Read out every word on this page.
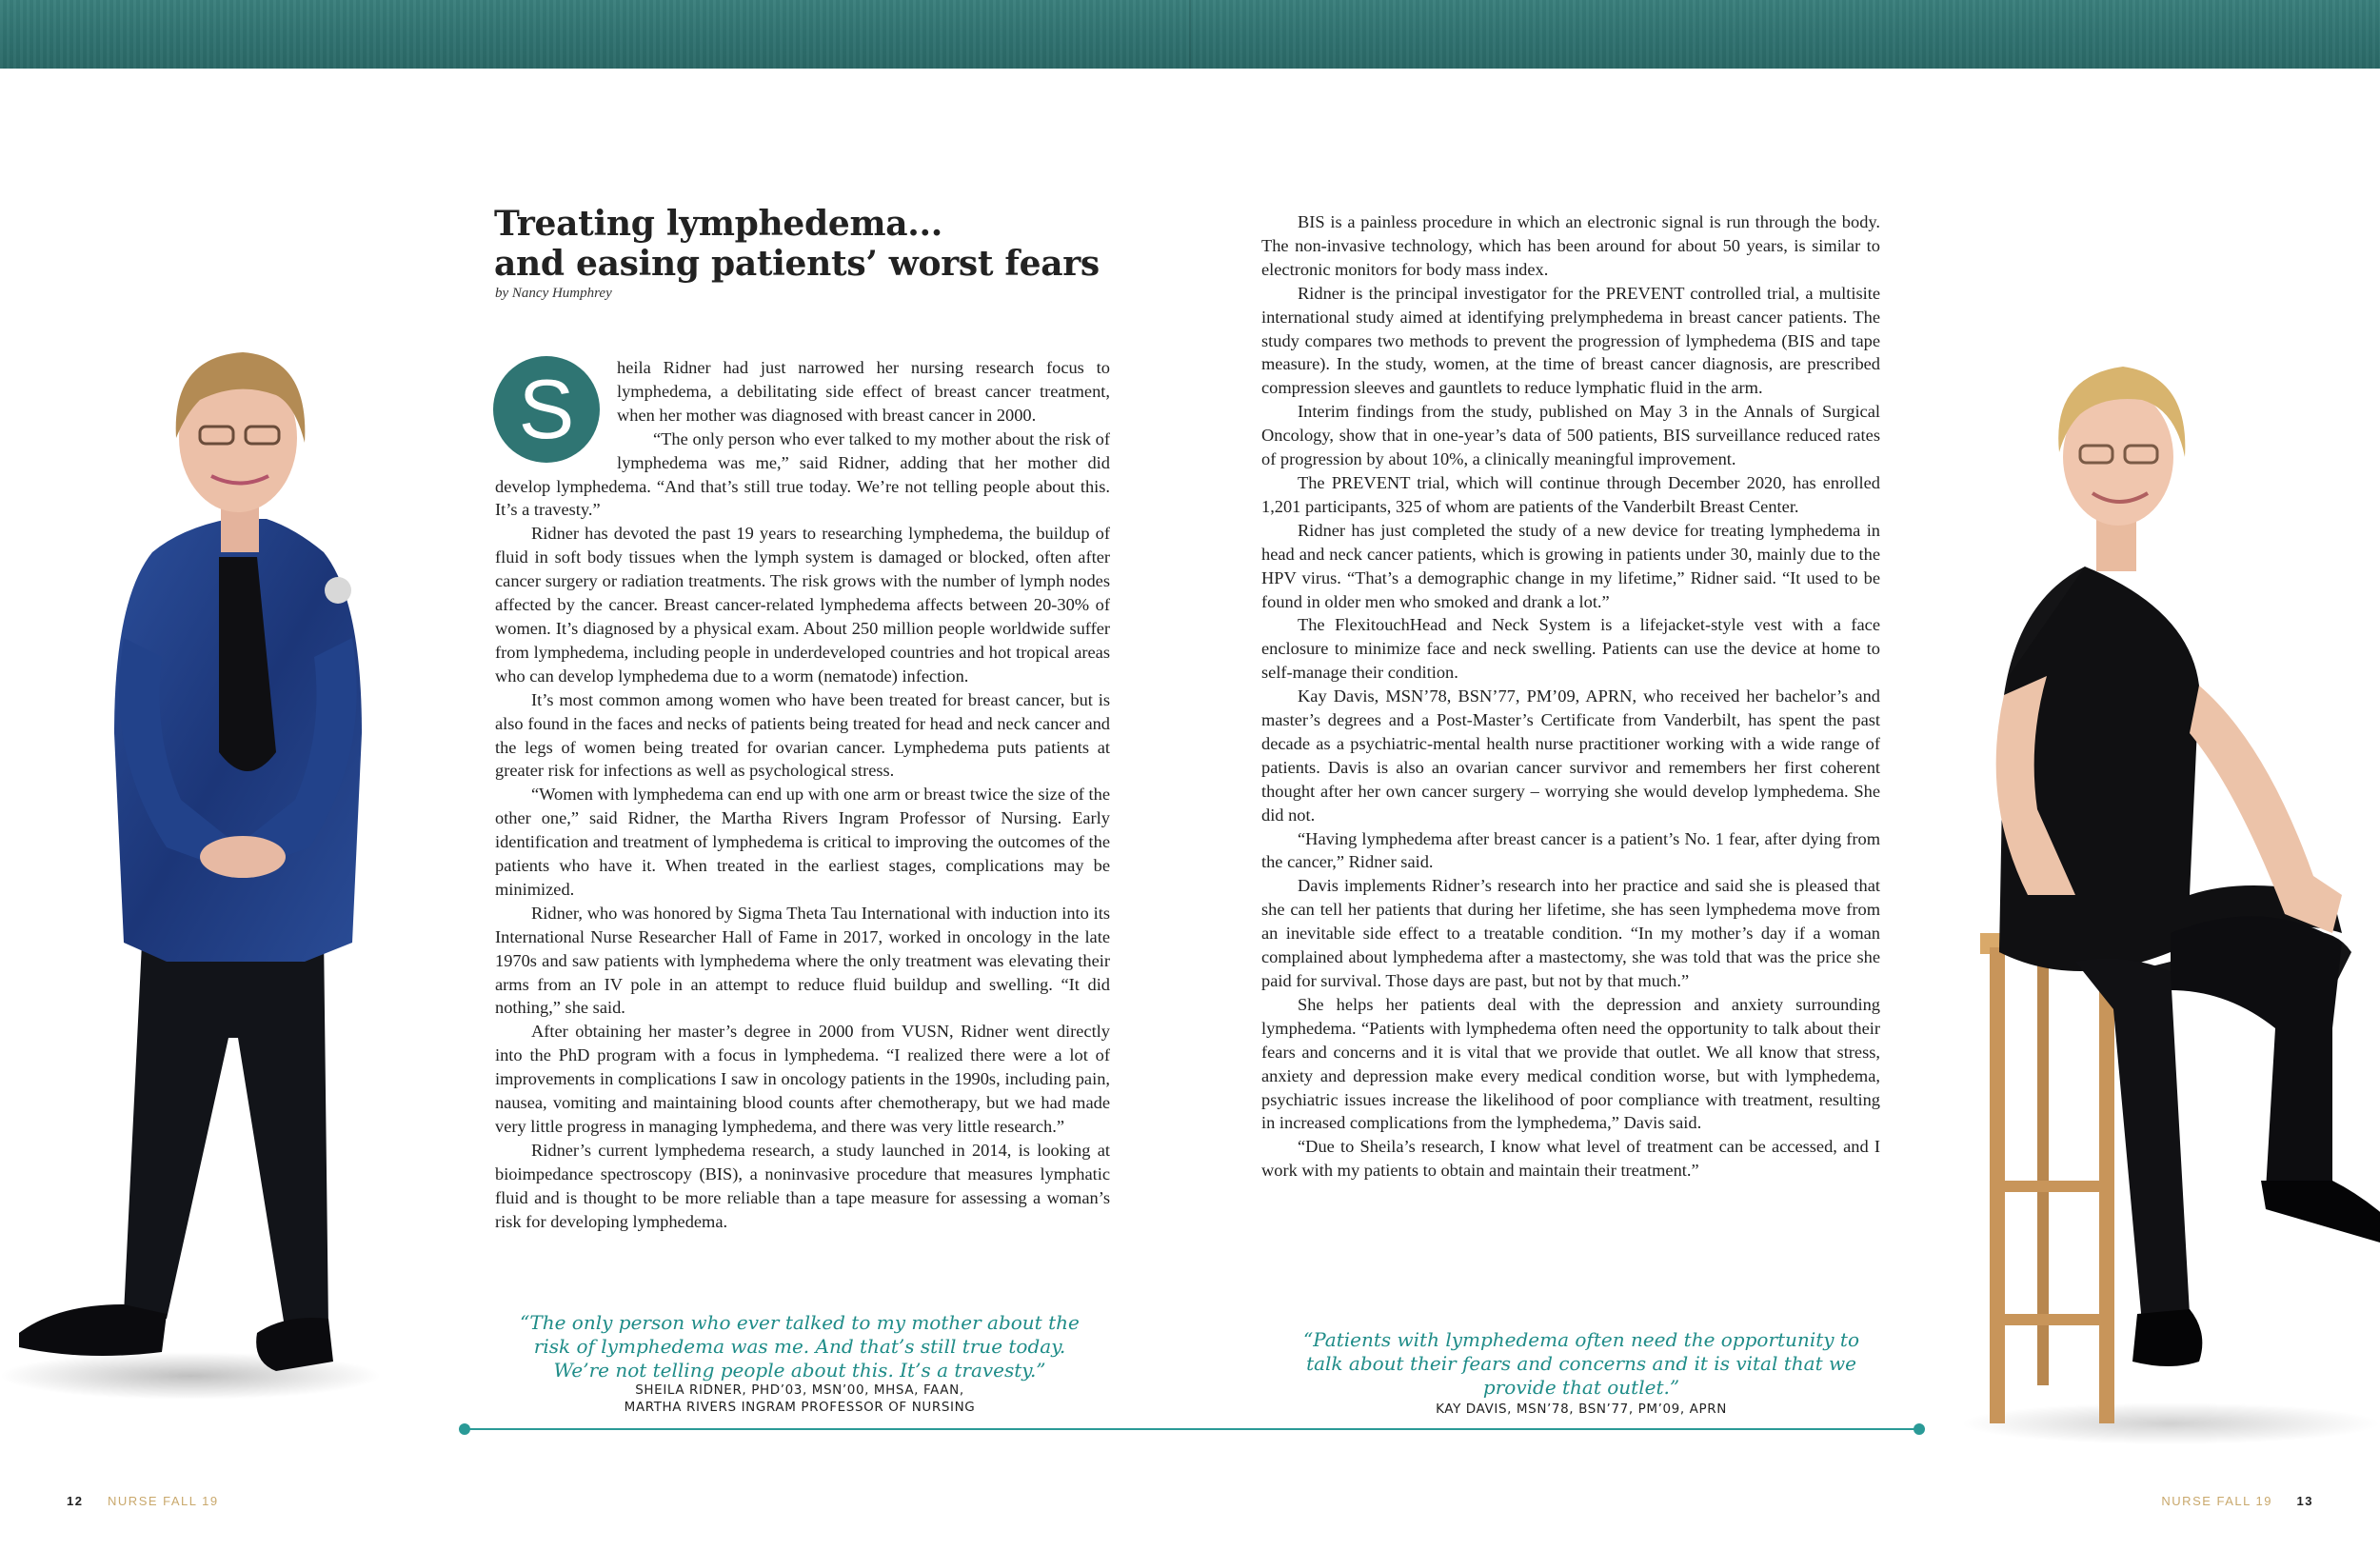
Treating lymphedema...
and easing patients’ worst fears
by Nancy Humphrey
S	heila Ridner had just narrowed her nursing research focus to lymphedema, a debilitating side effect of breast cancer treatment, when her mother was diagnosed with breast cancer in 2000.

“The only person who ever talked to my mother about the risk of lymphedema was me,” said Ridner, adding that her mother did develop lymphedema. “And that’s still true today. We’re not telling people about this. It’s a travesty.”

Ridner has devoted the past 19 years to researching lymphedema, the buildup of fluid in soft body tissues when the lymph system is damaged or blocked, often after cancer surgery or radiation treatments. The risk grows with the number of lymph nodes affected by the cancer. Breast cancer-related lymphedema affects between 20-30% of women. It’s diagnosed by a physical exam. About 250 million people worldwide suffer from lymphedema, including people in underdeveloped countries and hot tropical areas who can develop lymphedema due to a worm (nematode) infection.

It’s most common among women who have been treated for breast cancer, but is also found in the faces and necks of patients being treated for head and neck cancer and the legs of women being treated for ovarian cancer. Lymphedema puts patients at greater risk for infections as well as psychological stress.

“Women with lymphedema can end up with one arm or breast twice the size of the other one,” said Ridner, the Martha Rivers Ingram Professor of Nursing. Early identification and treatment of lymphedema is critical to improving the outcomes of the patients who have it. When treated in the earliest stages, complications may be minimized.

Ridner, who was honored by Sigma Theta Tau International with induction into its International Nurse Researcher Hall of Fame in 2017, worked in oncology in the late 1970s and saw patients with lymphedema where the only treatment was elevating their arms from an IV pole in an attempt to reduce fluid buildup and swelling. “It did nothing,” she said.

After obtaining her master’s degree in 2000 from VUSN, Ridner went directly into the PhD program with a focus in lymphedema. “I realized there were a lot of improvements in complications I saw in oncology patients in the 1990s, including pain, nausea, vomiting and maintaining blood counts after chemotherapy, but we had made very little progress in managing lymphedema, and there was very little research.”

Ridner’s current lymphedema research, a study launched in 2014, is looking at bioimpedance spectroscopy (BIS), a noninvasive procedure that measures lymphatic fluid and is thought to be more reliable than a tape measure for assessing a woman’s risk for developing lymphedema.

BIS is a painless procedure in which an electronic signal is run through the body. The non-invasive technology, which has been around for about 50 years, is similar to electronic monitors for body mass index.

Ridner is the principal investigator for the PREVENT controlled trial, a multisite international study aimed at identifying prelymphedema in breast cancer patients. The study compares two methods to prevent the progression of lymphedema (BIS and tape measure). In the study, women, at the time of breast cancer diagnosis, are prescribed compression sleeves and gauntlets to reduce lymphatic fluid in the arm.

Interim findings from the study, published on May 3 in the Annals of Surgical Oncology, show that in one-year’s data of 500 patients, BIS surveillance reduced rates of progression by about 10%, a clinically meaningful improvement.

The PREVENT trial, which will continue through December 2020, has enrolled 1,201 participants, 325 of whom are patients of the Vanderbilt Breast Center.

Ridner has just completed the study of a new device for treating lymphedema in head and neck cancer patients, which is growing in patients under 30, mainly due to the HPV virus. “That’s a demographic change in my lifetime,” Ridner said. “It used to be found in older men who smoked and drank a lot.”

The FlexitouchHead and Neck System is a lifejacket-style vest with a face enclosure to minimize face and neck swelling. Patients can use the device at home to self-manage their condition.

Kay Davis, MSN’78, BSN’77, PM’09, APRN, who received her bachelor’s and master’s degrees and a Post-Master’s Certificate from Vanderbilt, has spent the past decade as a psychiatric-mental health nurse practitioner working with a wide range of patients. Davis is also an ovarian cancer survivor and remembers her first coherent thought after her own cancer surgery – worrying she would develop lymphedema. She did not.

“Having lymphedema after breast cancer is a patient’s No. 1 fear, after dying from the cancer,” Ridner said.

Davis implements Ridner’s research into her practice and said she is pleased that she can tell her patients that during her lifetime, she has seen lymphedema move from an inevitable side effect to a treatable condition. “In my mother’s day if a woman complained about lymphedema after a mastectomy, she was told that was the price she paid for survival. Those days are past, but not by that much.”

She helps her patients deal with the depression and anxiety surrounding lymphedema. “Patients with lymphedema often need the opportunity to talk about their fears and concerns and it is vital that we provide that outlet. We all know that stress, anxiety and depression make every medical condition worse, but with lymphedema, psychiatric issues increase the likelihood of poor compliance with treatment, resulting in increased complications from the lymphedema,” Davis said.

“Due to Sheila’s research, I know what level of treatment can be accessed, and I work with my patients to obtain and maintain their treatment.”

“The only person who ever talked to my mother about the risk of lymphedema was me. And that’s still true today. We’re not telling people about this. It’s a travesty.”
SHEILA RIDNER, PHD’03, MSN’00, MHSA, FAAN,
MARTHA RIVERS INGRAM PROFESSOR OF NURSING
“Patients with lymphedema often need the opportunity to talk about their fears and concerns and it is vital that we provide that outlet.”
KAY DAVIS, MSN’78, BSN’77, PM’09, APRN
12 NURSE FALL 19	NURSE FALL 19 13
